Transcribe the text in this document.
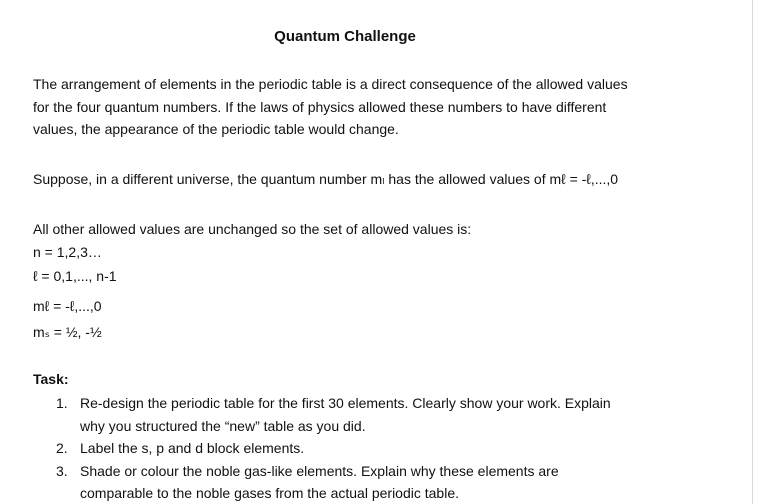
Quantum Challenge
The arrangement of elements in the periodic table is a direct consequence of the allowed values
for the four quantum numbers. If the laws of physics allowed these numbers to have different
values, the appearance of the periodic table would change.
Suppose, in a different universe, the quantum number mₗ has the allowed values of mℓ = -ℓ,...,0
All other allowed values are unchanged so the set of allowed values is:
n = 1,2,3…
ℓ = 0,1,..., n-1
mℓ = -ℓ,...,0
mₛ = ½, -½
Task:
1. Re-design the periodic table for the first 30 elements. Clearly show your work. Explain
why you structured the “new” table as you did.
2. Label the s, p and d block elements.
3. Shade or colour the noble gas-like elements. Explain why these elements are
comparable to the noble gases from the actual periodic table.
